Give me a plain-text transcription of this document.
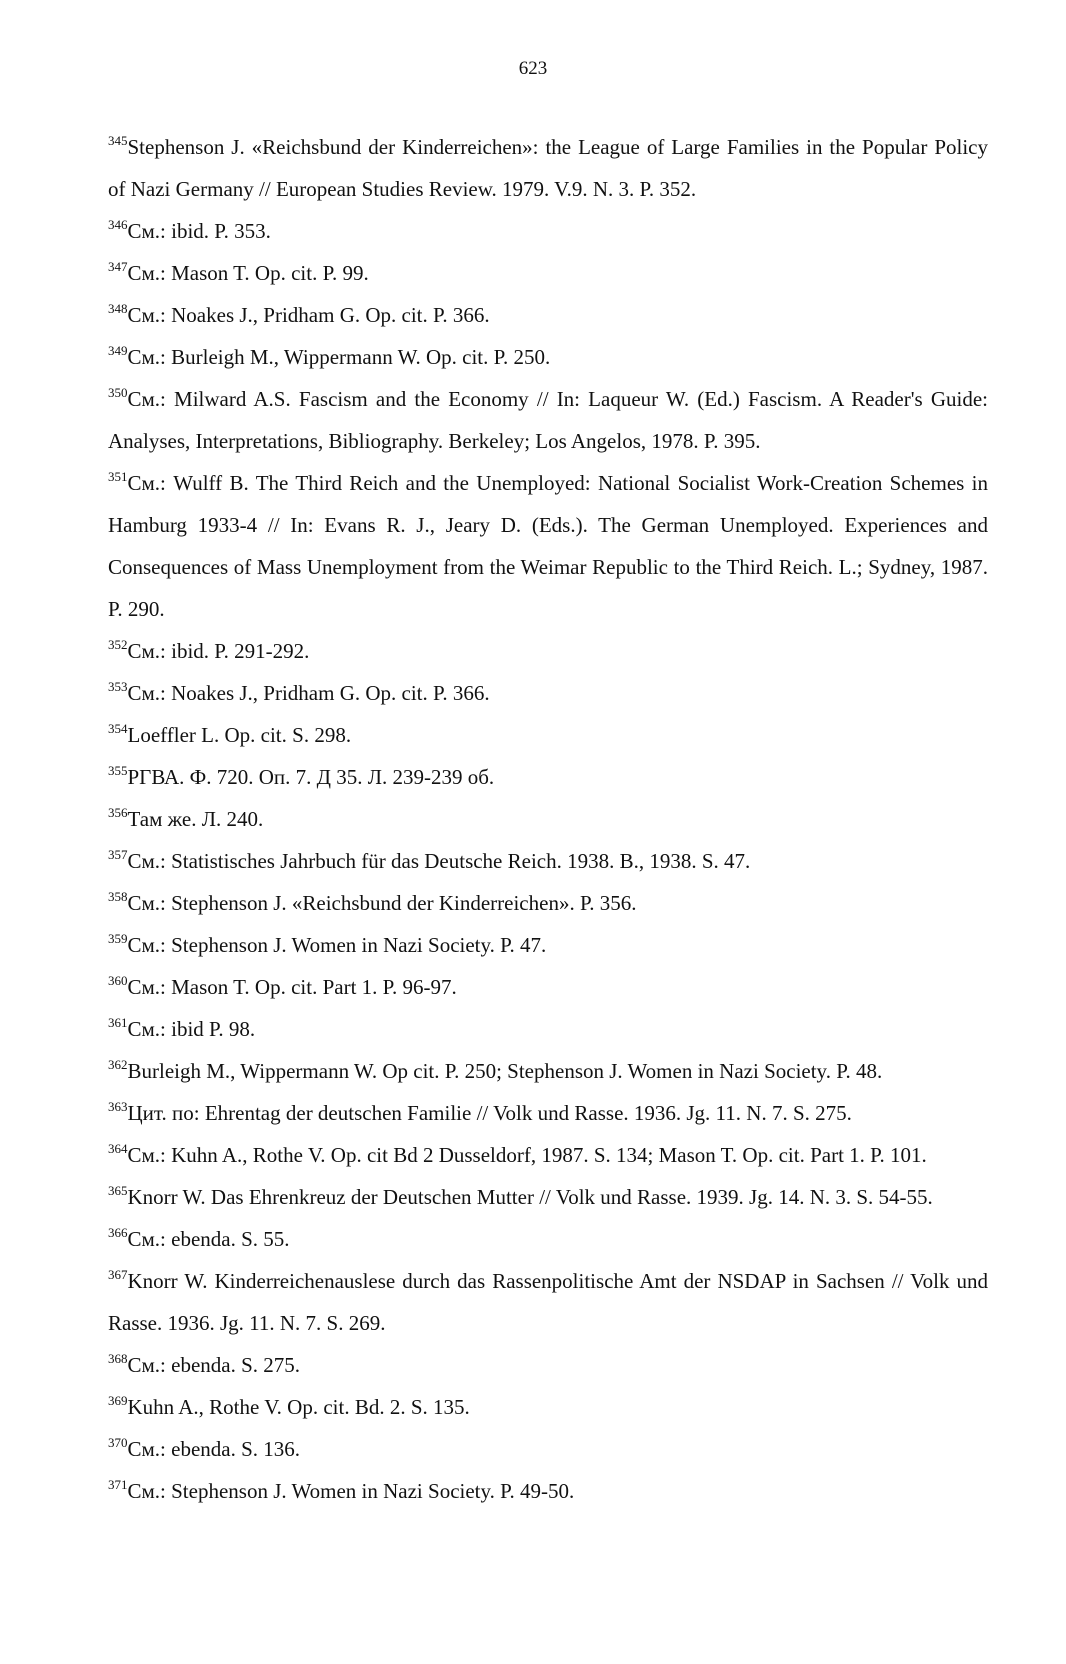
623

$^{345}$Stephenson J. «Reichsbund der Kinderreichen»: the League of Large Families in the Popular Policy of Nazi Germany // European Studies Review. 1979. V.9. N. 3. P. 352.

$^{346}$См.: ibid. P. 353.

$^{347}$См.: Mason T. Op. cit. P. 99.

$^{348}$См.: Noakes J., Pridham G. Op. cit. P. 366.

$^{349}$См.: Burleigh M., Wippermann W. Op. cit. P. 250.

$^{350}$См.: Milward A.S. Fascism and the Economy // In: Laqueur W. (Ed.) Fascism. A Reader's Guide: Analyses, Interpretations, Bibliography. Berkeley; Los Angelos, 1978. P. 395.

$^{351}$См.: Wulff B. The Third Reich and the Unemployed: National Socialist Work-Creation Schemes in Hamburg 1933-4 // In: Evans R. J., Jeary D. (Eds.). The German Unemployed. Experiences and Consequences of Mass Unemployment from the Weimar Republic to the Third Reich. L.; Sydney, 1987. P. 290.

$^{352}$См.: ibid. P. 291-292.

$^{353}$См.: Noakes J., Pridham G. Op. cit. P. 366.

$^{354}$Loeffler L. Op. cit. S. 298.

$^{355}$РГВА. Ф. 720. Оп. 7. Д 35. Л. 239-239 об.

$^{356}$Там же. Л. 240.

$^{357}$См.: Statistisches Jahrbuch für das Deutsche Reich. 1938. B., 1938. S. 47.

$^{358}$См.: Stephenson J. «Reichsbund der Kinderreichen». P. 356.

$^{359}$См.: Stephenson J. Women in Nazi Society. P. 47.

$^{360}$См.: Mason T. Op. cit. Part 1. P. 96-97.

$^{361}$См.: ibid P. 98.

$^{362}$Burleigh M., Wippermann W. Op cit. P. 250; Stephenson J. Women in Nazi Society. P. 48.

$^{363}$Цит. по: Ehrentag der deutschen Familie // Volk und Rasse. 1936. Jg. 11. N. 7. S. 275.

$^{364}$См.: Kuhn A., Rothe V. Op. cit Bd 2 Dusseldorf, 1987. S. 134; Mason T. Op. cit. Part 1. P. 101.

$^{365}$Knorr W. Das Ehrenkreuz der Deutschen Mutter // Volk und Rasse. 1939. Jg. 14. N. 3. S. 54-55.

$^{366}$См.: ebenda. S. 55.

$^{367}$Knorr W. Kinderreichenauslese durch das Rassenpolitische Amt der NSDAP in Sachsen // Volk und Rasse. 1936. Jg. 11. N. 7. S. 269.

$^{368}$См.: ebenda. S. 275.

$^{369}$Kuhn A., Rothe V. Op. cit. Bd. 2. S. 135.

$^{370}$См.: ebenda. S. 136.

$^{371}$См.: Stephenson J. Women in Nazi Society. P. 49-50.
